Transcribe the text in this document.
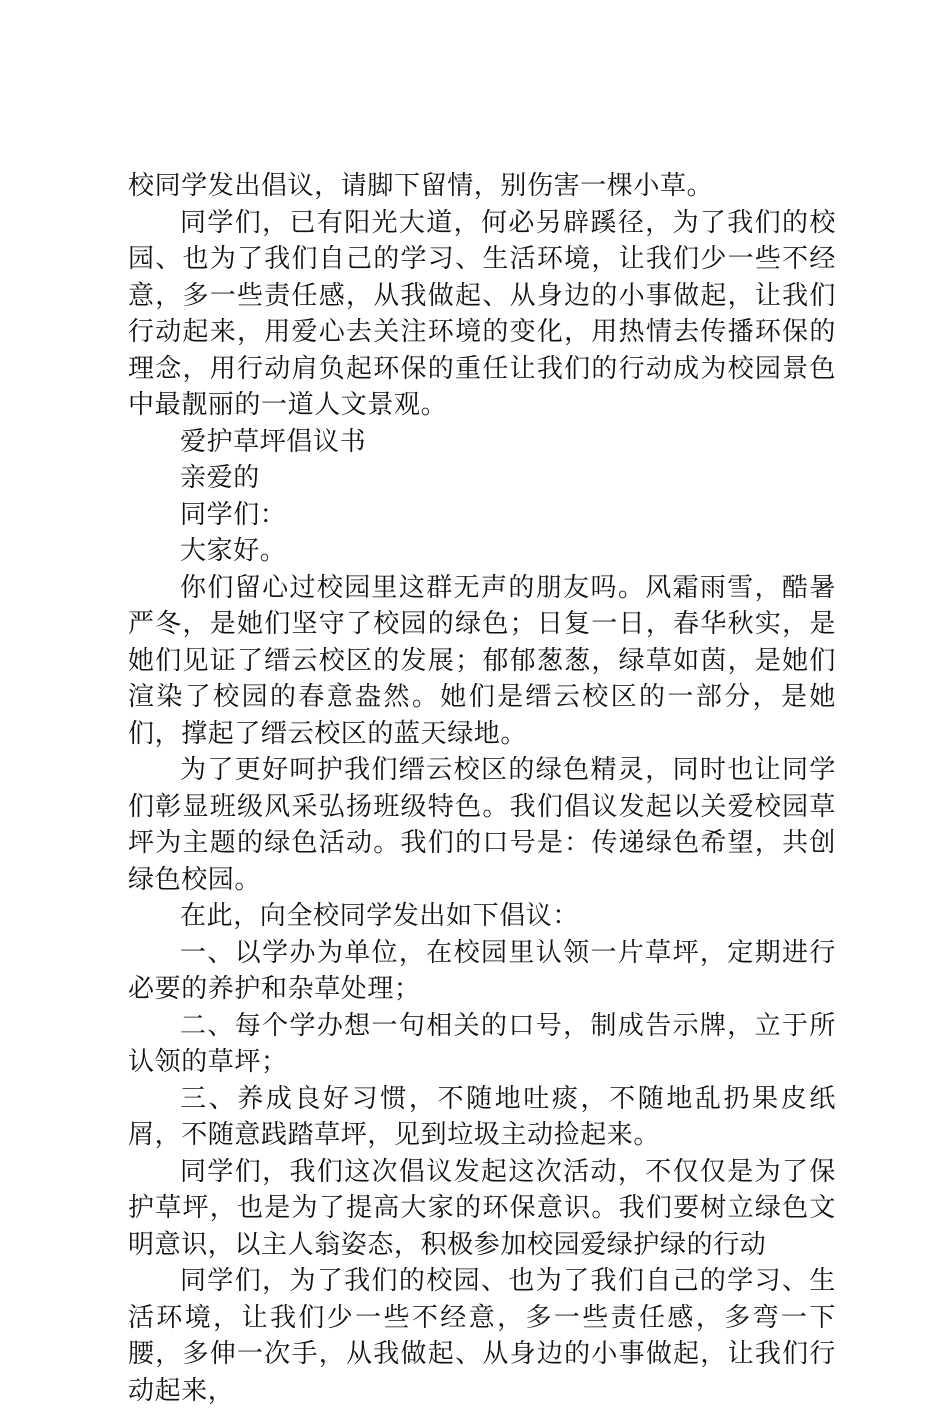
校同学发出倡议，请脚下留情，别伤害一棵小草。

同学们，已有阳光大道，何必另辟蹊径，为了我们的校园、也为了我们自己的学习、生活环境，让我们少一些不经意，多一些责任感，从我做起、从身边的小事做起，让我们行动起来，用爱心去关注环境的变化，用热情去传播环保的理念，用行动肩负起环保的重任让我们的行动成为校园景色中最靓丽的一道人文景观。

爱护草坪倡议书

亲爱的

同学们：

大家好。

你们留心过校园里这群无声的朋友吗。风霜雨雪，酷暑严冬，是她们坚守了校园的绿色；日复一日，春华秋实，是她们见证了缙云校区的发展；郁郁葱葱，绿草如茵，是她们渲染了校园的春意盎然。她们是缙云校区的一部分，是她们，撑起了缙云校区的蓝天绿地。

为了更好呵护我们缙云校区的绿色精灵，同时也让同学们彰显班级风采弘扬班级特色。我们倡议发起以关爱校园草坪为主题的绿色活动。我们的口号是：传递绿色希望，共创绿色校园。

在此，向全校同学发出如下倡议：

一、以学办为单位，在校园里认领一片草坪，定期进行必要的养护和杂草处理；

二、每个学办想一句相关的口号，制成告示牌，立于所认领的草坪；

三、养成良好习惯，不随地吐痰，不随地乱扔果皮纸屑，不随意践踏草坪，见到垃圾主动捡起来。

同学们，我们这次倡议发起这次活动，不仅仅是为了保护草坪，也是为了提高大家的环保意识。我们要树立绿色文明意识，以主人翁姿态，积极参加校园爱绿护绿的行动

同学们，为了我们的校园、也为了我们自己的学习、生活环境，让我们少一些不经意，多一些责任感，多弯一下腰，多伸一次手，从我做起、从身边的小事做起，让我们行动起来，
